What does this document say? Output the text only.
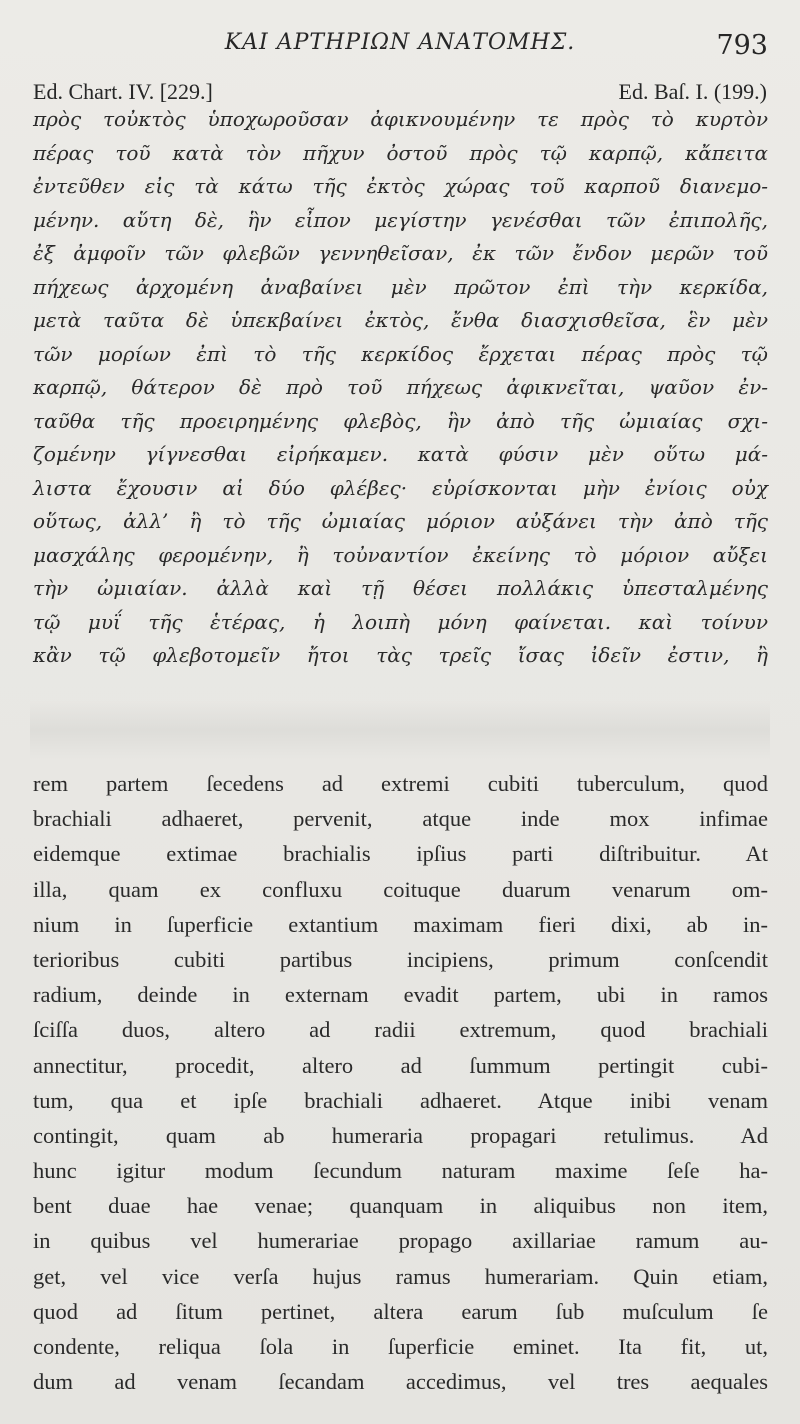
ΚΑΙ ΑΡΤΗΡΙΩΝ ΑΝΑΤΟΜΗΣ.	793
Ed. Chart. IV. [229.]	Ed. Baſ. I. (199.)
πρὸς τοὐκτὸς ὑποχωροῦσαν ἀφικνουμένην τε πρὸς τὸ κυρτὸν
πέρας τοῦ κατὰ τὸν πῆχυν ὀστοῦ πρὸς τῷ καρπῷ, κἄπειτα
ἐντεῦθεν εἰς τὰ κάτω τῆς ἐκτὸς χώρας τοῦ καρποῦ διανεμο-
μένην. αὕτη δὲ, ἣν εἶπον μεγίστην γενέσθαι τῶν ἐπιπολῆς,
ἐξ ἀμφοῖν τῶν φλεβῶν γεννηθεῖσαν, ἐκ τῶν ἔνδον μερῶν τοῦ
πήχεως ἀρχομένη ἀναβαίνει μὲν πρῶτον ἐπὶ τὴν κερκίδα,
μετὰ ταῦτα δὲ ὑπεκβαίνει ἐκτὸς, ἔνθα διασχισθεῖσα, ἓν μὲν
τῶν μορίων ἐπὶ τὸ τῆς κερκίδος ἔρχεται πέρας πρὸς τῷ
καρπῷ, θάτερον δὲ πρὸ τοῦ πήχεως ἀφικνεῖται, ψαῦον ἐν-
ταῦθα τῆς προειρημένης φλεβὸς, ἣν ἀπὸ τῆς ὠμιαίας σχι-
ζομένην γίγνεσθαι εἰρήκαμεν. κατὰ φύσιν μὲν οὕτω μά-
λιστα ἔχουσιν αἱ δύο φλέβες· εὑρίσκονται μὴν ἐνίοις οὐχ
οὕτως, ἀλλ’ ἢ τὸ τῆς ὠμιαίας μόριον αὐξάνει τὴν ἀπὸ τῆς
μασχάλης φερομένην, ἢ τοὐναντίον ἐκείνης τὸ μόριον αὔξει
τὴν ὠμιαίαν. ἀλλὰ καὶ τῇ θέσει πολλάκις ὑπεσταλμένης
τῷ μυΐ τῆς ἑτέρας, ἡ λοιπὴ μόνη φαίνεται. καὶ τοίνυν
κἂν τῷ φλεβοτομεῖν ἤτοι τὰς τρεῖς ἴσας ἰδεῖν ἐστιν, ἢ
rem partem ſecedens ad extremi cubiti tuberculum, quod
brachiali adhaeret, pervenit, atque inde mox infimae
eidemque extimae brachialis ipſius parti diſtribuitur. At
illa, quam ex confluxu coituque duarum venarum om-
nium in ſuperficie extantium maximam fieri dixi, ab in-
terioribus cubiti partibus incipiens, primum conſcendit
radium, deinde in externam evadit partem, ubi in ramos
ſciſſa duos, altero ad radii extremum, quod brachiali
annectitur, procedit, altero ad ſummum pertingit cubi-
tum, qua et ipſe brachiali adhaeret. Atque inibi venam
contingit, quam ab humeraria propagari retulimus. Ad
hunc igitur modum ſecundum naturam maxime ſeſe ha-
bent duae hae venae; quanquam in aliquibus non item,
in quibus vel humerariae propago axillariae ramum au-
get, vel vice verſa hujus ramus humerariam. Quin etiam,
quod ad ſitum pertinet, altera earum ſub muſculum ſe
condente, reliqua ſola in ſuperficie eminet. Ita fit, ut,
dum ad venam ſecandam accedimus, vel tres aequales
